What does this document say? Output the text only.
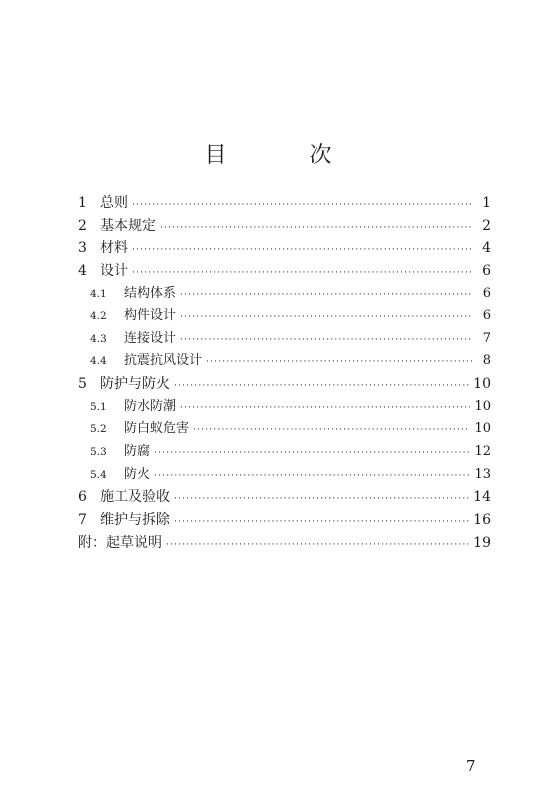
目 次
1 总则 ·····	1
2 基本规定 ·····	2
3 材料 ·····	4
4 设计 ·····	6
4.1	结构体系 ·····	6
4.2	构件设计 ·····	6
4.3	连接设计 ·····	7
4.4	抗震抗风设计 ·····	8
5 防护与防火 ·····	10
5.1	防水防潮 ·····	10
5.2	防白蚁危害 ·····	10
5.3	防腐 ·····	12
5.4	防火 ·····	13
6 施工及验收 ·····	14
7 维护与拆除 ·····	16
附：起草说明 ·····	19
7
